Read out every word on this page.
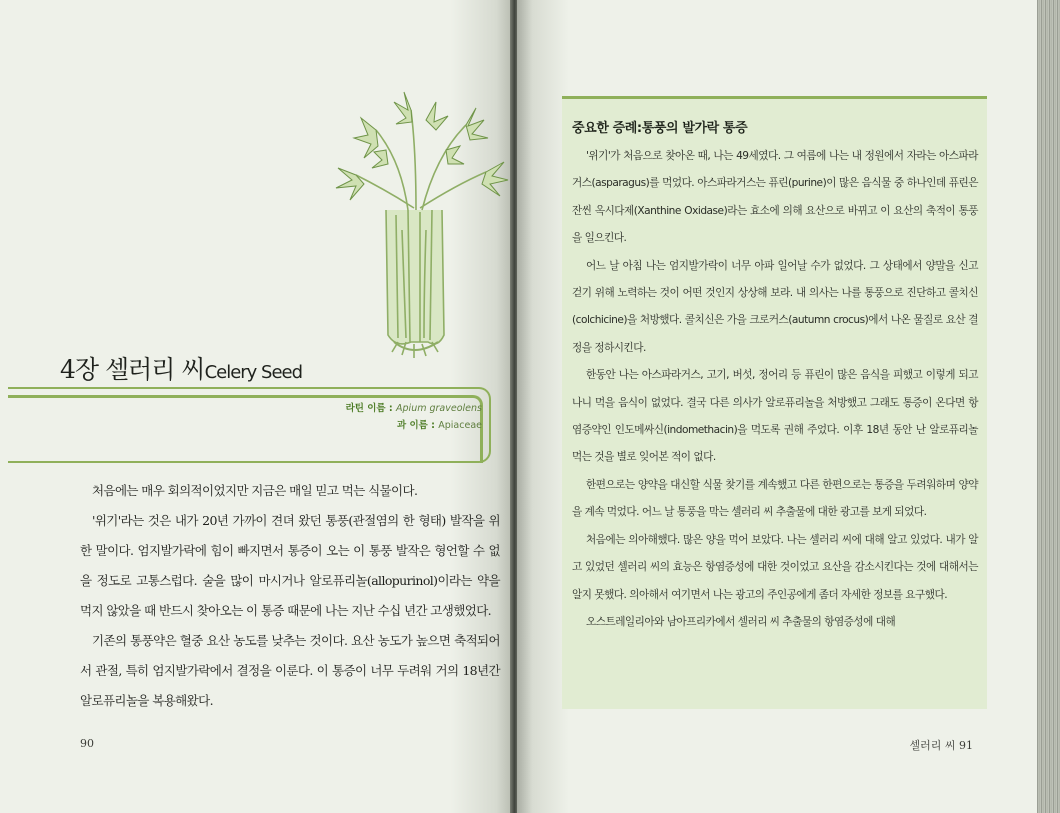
4장 셀러리 씨Celery Seed
라틴 이름 : Apium graveolens
과 이름 : Apiaceae

처음에는 매우 회의적이었지만 지금은 매일 믿고 먹는 식물이다.

'위기'라는 것은 내가 20년 가까이 견뎌 왔던 통풍(관절염의 한 형태) 발작을 위한 말이다. 엄지발가락에 힘이 빠지면서 통증이 오는 이 통풍 발작은 형언할 수 없을 정도로 고통스럽다. 술을 많이 마시거나 알로퓨리놀(allopurinol)이라는 약을 먹지 않았을 때 반드시 찾아오는 이 통증 때문에 나는 지난 수십 년간 고생했었다.

기존의 통풍약은 혈중 요산 농도를 낮추는 것이다. 요산 농도가 높으면 축적되어서 관절, 특히 엄지발가락에서 결정을 이룬다. 이 통증이 너무 두려워 거의 18년간 알로퓨리놀을 복용해왔다.

90
중요한 증례:통풍의 발가락 통증

'위기'가 처음으로 찾아온 때, 나는 49세였다. 그 여름에 나는 내 정원에서 자라는 아스파라거스(asparagus)를 먹었다. 아스파라거스는 퓨린(purine)이 많은 음식물 중 하나인데 퓨린은 잔씬 옥시다제(Xanthine Oxidase)라는 효소에 의해 요산으로 바뀌고 이 요산의 축적이 통풍을 일으킨다.

어느 날 아침 나는 엄지발가락이 너무 아파 일어날 수가 없었다. 그 상태에서 양말을 신고 걷기 위해 노력하는 것이 어떤 것인지 상상해 보라. 내 의사는 나를 통풍으로 진단하고 콜치신(colchicine)을 처방했다. 콜치신은 가을 크로커스(autumn crocus)에서 나온 물질로 요산 결정을 정하시킨다.

한동안 나는 아스파라거스, 고기, 버섯, 정어리 등 퓨린이 많은 음식을 피했고 이렇게 되고 나니 먹을 음식이 없었다. 결국 다른 의사가 알로퓨리놀을 처방했고 그래도 통증이 온다면 항염증약인 인도메싸신(indomethacin)을 먹도록 권해 주었다. 이후 18년 동안 난 알로퓨리놀 먹는 것을 별로 잊어본 적이 없다.

한편으로는 양약을 대신할 식물 찾기를 계속했고 다른 한편으로는 통증을 두려워하며 양약을 계속 먹었다. 어느 날 통풍을 막는 셀러리 씨 추출물에 대한 광고를 보게 되었다.

처음에는 의아해했다. 많은 양을 먹어 보았다. 나는 셀러리 씨에 대해 알고 있었다. 내가 알고 있었던 셀러리 씨의 효능은 항염증성에 대한 것이었고 요산을 감소시킨다는 것에 대해서는 알지 못했다. 의아해서 여기면서 나는 광고의 주인공에게 좀더 자세한 정보를 요구했다.

오스트레일리아와 남아프리카에서 셀러리 씨 추출물의 항염증성에 대해

셀러리 씨 91
